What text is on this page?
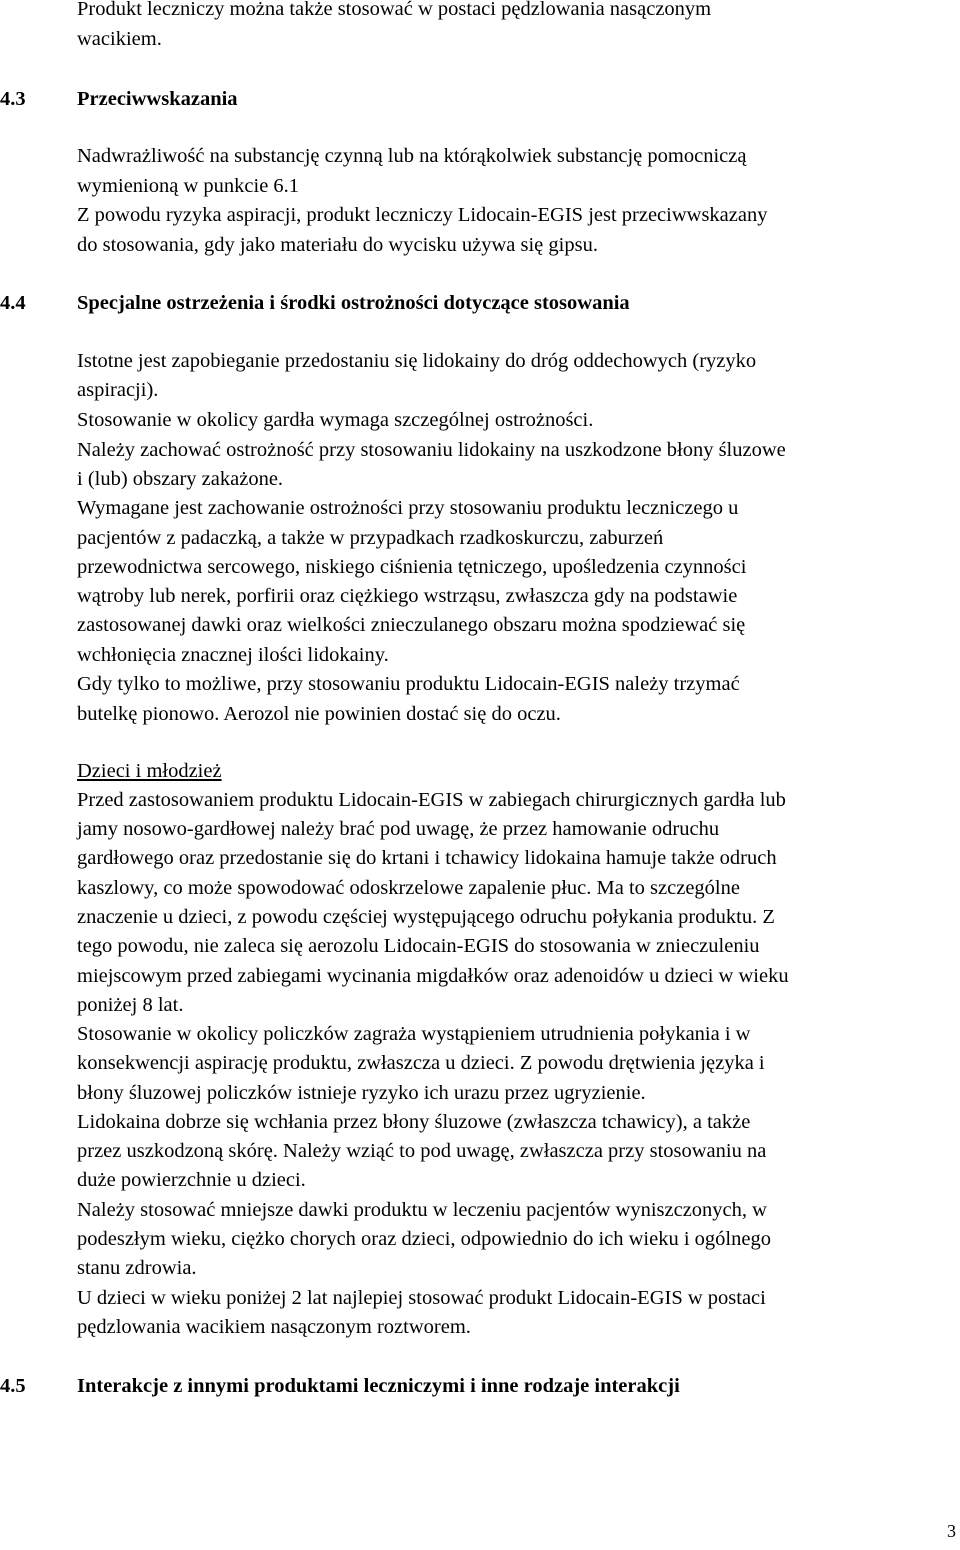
Produkt leczniczy można także stosować w postaci pędzlowania nasączonym
wacikiem.
4.3	Przeciwwskazania
Nadwrażliwość na substancję czynną lub na którąkolwiek substancję pomocniczą
wymienioną w punkcie 6.1
Z powodu ryzyka aspiracji, produkt leczniczy Lidocain-EGIS jest przeciwwskazany
do stosowania, gdy jako materiału do wycisku używa się gipsu.
4.4	Specjalne ostrzeżenia i środki ostrożności dotyczące stosowania
Istotne jest zapobieganie przedostaniu się lidokainy do dróg oddechowych (ryzyko
aspiracji).
Stosowanie w okolicy gardła wymaga szczególnej ostrożności.
Należy zachować ostrożność przy stosowaniu lidokainy na uszkodzone błony śluzowe
i (lub) obszary zakażone.
Wymagane jest zachowanie ostrożności przy stosowaniu produktu leczniczego u
pacjentów z padaczką, a także w przypadkach rzadkoskurczu, zaburzeń
przewodnictwa sercowego, niskiego ciśnienia tętniczego, upośledzenia czynności
wątroby lub nerek, porfirii oraz ciężkiego wstrząsu, zwłaszcza gdy na podstawie
zastosowanej dawki oraz wielkości znieczulanego obszaru można spodziewać się
wchłonięcia znacznej ilości lidokainy.
Gdy tylko to możliwe, przy stosowaniu produktu Lidocain-EGIS należy trzymać
butelkę pionowo. Aerozol nie powinien dostać się do oczu.
Dzieci i młodzież
Przed zastosowaniem produktu Lidocain-EGIS w zabiegach chirurgicznych gardła lub
jamy nosowo-gardłowej należy brać pod uwagę, że przez hamowanie odruchu
gardłowego oraz przedostanie się do krtani i tchawicy lidokaina hamuje także odruch
kaszlowy, co może spowodować odoskrzelowe zapalenie płuc. Ma to szczególne
znaczenie u dzieci, z powodu częściej występującego odruchu połykania produktu. Z
tego powodu, nie zaleca się aerozolu Lidocain-EGIS do stosowania w znieczuleniu
miejscowym przed zabiegami wycinania migdałków oraz adenoidów u dzieci w wieku
poniżej 8 lat.
Stosowanie w okolicy policzków zagraża wystąpieniem utrudnienia połykania i w
konsekwencji aspirację produktu, zwłaszcza u dzieci. Z powodu drętwienia języka i
błony śluzowej policzków istnieje ryzyko ich urazu przez ugryzienie.
Lidokaina dobrze się wchłania przez błony śluzowe (zwłaszcza tchawicy), a także
przez uszkodzoną skórę. Należy wziąć to pod uwagę, zwłaszcza przy stosowaniu na
duże powierzchnie u dzieci.
Należy stosować mniejsze dawki produktu w leczeniu pacjentów wyniszczonych, w
podeszłym wieku, ciężko chorych oraz dzieci, odpowiednio do ich wieku i ogólnego
stanu zdrowia.
U dzieci w wieku poniżej 2 lat najlepiej stosować produkt Lidocain-EGIS w postaci
pędzlowania wacikiem nasączonym roztworem.
4.5	Interakcje z innymi produktami leczniczymi i inne rodzaje interakcji
3
